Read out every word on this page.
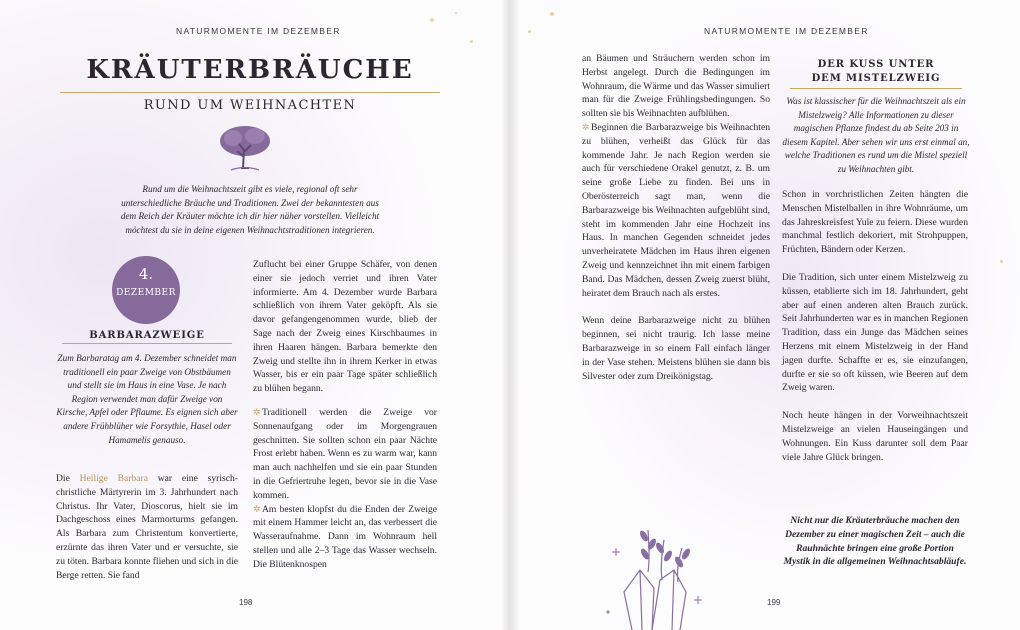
NATURMOMENTE IM DEZEMBER
KRÄUTERBRÄUCHE
RUND UM WEIHNACHTEN
Rund um die Weihnachtszeit gibt es viele, regional oft sehr unterschiedliche Bräuche und Traditionen. Zwei der bekanntesten aus dem Reich der Kräuter möchte ich dir hier näher vorstellen. Vielleicht möchtest du sie in deine eigenen Weihnachtstraditionen integrieren.
4.
DEZEMBER
BARBARAZWEIGE
Zum Barbaratag am 4. Dezember schneidet man traditionell ein paar Zweige von Obstbäumen und stellt sie im Haus in eine Vase. Je nach Region verwendet man dafür Zweige von Kirsche, Apfel oder Pflaume. Es eignen sich aber andere Frühblüher wie Forsythie, Hasel oder Hamamelis genauso.
Die Heilige Barbara war eine syrisch-christliche Märtyrerin im 3. Jahrhundert nach Christus. Ihr Vater, Dioscorus, hielt sie im Dachgeschoss eines Marmorturms gefangen. Als Barbara zum Christentum konvertierte, erzürnte das ihren Vater und er versuchte, sie zu töten. Barbara konnte fliehen und sich in die Berge retten. Sie fand
Zuflucht bei einer Gruppe Schäfer, von denen einer sie jedoch verriet und ihren Vater informierte. Am 4. Dezember wurde Barbara schließlich von ihrem Vater geköpft. Als sie davor gefangengenommen wurde, blieb der Sage nach der Zweig eines Kirschbaumes in ihren Haaren hängen. Barbara bemerkte den Zweig und stellte ihn in ihrem Kerker in etwas Wasser, bis er ein paar Tage später schließlich zu blühen begann.
✲Traditionell werden die Zweige vor Sonnenaufgang oder im Morgengrauen geschnitten. Sie sollten schon ein paar Nächte Frost erlebt haben. Wenn es zu warm war, kann man auch nachhelfen und sie ein paar Stunden in die Gefriertruhe legen, bevor sie in die Vase kommen.
✲Am besten klopfst du die Enden der Zweige mit einem Hammer leicht an, das verbessert die Wasseraufnahme. Dann im Wohnraum hell stellen und alle 2–3 Tage das Wasser wechseln. Die Blütenknospen
198
NATURMOMENTE IM DEZEMBER
an Bäumen und Sträuchern werden schon im Herbst angelegt. Durch die Bedingungen im Wohnraum, die Wärme und das Wasser simuliert man für die Zweige Frühlingsbedingungen. So sollten sie bis Weihnachten aufblühen.
✲Beginnen die Barbarazweige bis Weihnachten zu blühen, verheißt das Glück für das kommende Jahr. Je nach Region werden sie auch für verschiedene Orakel genutzt, z. B. um seine große Liebe zu finden. Bei uns in Oberösterreich sagt man, wenn die Barbarazweige bis Weihnachten aufgeblüht sind, steht im kommenden Jahr eine Hochzeit ins Haus. In manchen Gegenden schneidet jedes unverheiratete Mädchen im Haus ihren eigenen Zweig und kennzeichnet ihn mit einem farbigen Band. Das Mädchen, dessen Zweig zuerst blüht, heiratet dem Brauch nach als erstes.
Wenn deine Barbarazweige nicht zu blühen beginnen, sei nicht traurig. Ich lasse meine Barbarazweige in so einem Fall einfach länger in der Vase stehen. Meistens blühen sie dann bis Silvester oder zum Dreikönigstag.
DER KUSS UNTER
DEM MISTELZWEIG
Was ist klassischer für die Weihnachtszeit als ein Mistelzweig? Alle Informationen zu dieser magischen Pflanze findest du ab Seite 203 in diesem Kapitel. Aber sehen wir uns erst einmal an, welche Traditionen es rund um die Mistel speziell zu Weihnachten gibt.
Schon in vorchristlichen Zeiten hängten die Menschen Mistelballen in ihre Wohnräume, um das Jahreskreisfest Yule zu feiern. Diese wurden manchmal festlich dekoriert, mit Strohpuppen, Früchten, Bändern oder Kerzen.
Die Tradition, sich unter einem Mistelzweig zu küssen, etablierte sich im 18. Jahrhundert, geht aber auf einen anderen alten Brauch zurück. Seit Jahrhunderten war es in manchen Regionen Tradition, dass ein Junge das Mädchen seines Herzens mit einem Mistelzweig in der Hand jagen durfte. Schaffte er es, sie einzufangen, durfte er sie so oft küssen, wie Beeren auf dem Zweig waren.
Noch heute hängen in der Vorweihnachtszeit Mistelzweige an vielen Hauseingängen und Wohnungen. Ein Kuss darunter soll dem Paar viele Jahre Glück bringen.
Nicht nur die Kräuterbräuche machen den Dezember zu einer magischen Zeit – auch die Rauhnächte bringen eine große Portion Mystik in die allgemeinen Weihnachtsabläufe.
199
